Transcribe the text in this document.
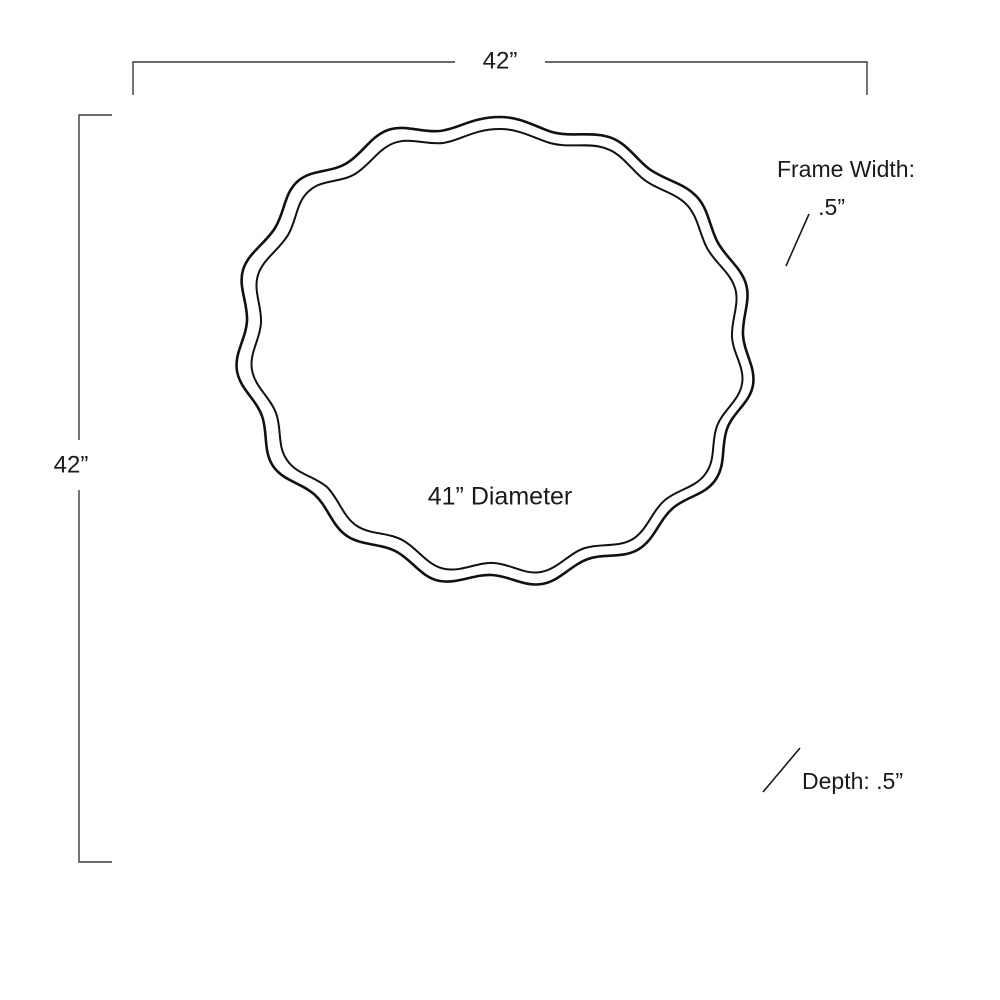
42”
42”
41” Diameter
Frame Width:
.5”
Depth: .5”
